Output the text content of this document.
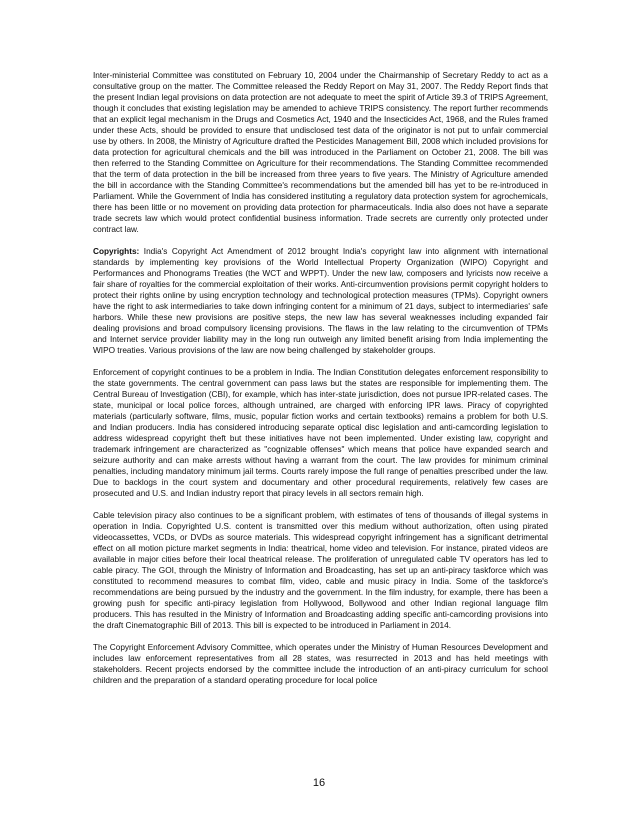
Inter-ministerial Committee was constituted on February 10, 2004 under the Chairmanship of Secretary Reddy to act as a consultative group on the matter. The Committee released the Reddy Report on May 31, 2007. The Reddy Report finds that the present Indian legal provisions on data protection are not adequate to meet the spirit of Article 39.3 of TRIPS Agreement, though it concludes that existing legislation may be amended to achieve TRIPS consistency. The report further recommends that an explicit legal mechanism in the Drugs and Cosmetics Act, 1940 and the Insecticides Act, 1968, and the Rules framed under these Acts, should be provided to ensure that undisclosed test data of the originator is not put to unfair commercial use by others. In 2008, the Ministry of Agriculture drafted the Pesticides Management Bill, 2008 which included provisions for data protection for agricultural chemicals and the bill was introduced in the Parliament on October 21, 2008. The bill was then referred to the Standing Committee on Agriculture for their recommendations. The Standing Committee recommended that the term of data protection in the bill be increased from three years to five years. The Ministry of Agriculture amended the bill in accordance with the Standing Committee's recommendations but the amended bill has yet to be re-introduced in Parliament. While the Government of India has considered instituting a regulatory data protection system for agrochemicals, there has been little or no movement on providing data protection for pharmaceuticals. India also does not have a separate trade secrets law which would protect confidential business information. Trade secrets are currently only protected under contract law.

Copyrights: India's Copyright Act Amendment of 2012 brought India's copyright law into alignment with international standards by implementing key provisions of the World Intellectual Property Organization (WIPO) Copyright and Performances and Phonograms Treaties (the WCT and WPPT). Under the new law, composers and lyricists now receive a fair share of royalties for the commercial exploitation of their works. Anti-circumvention provisions permit copyright holders to protect their rights online by using encryption technology and technological protection measures (TPMs). Copyright owners have the right to ask intermediaries to take down infringing content for a minimum of 21 days, subject to intermediaries' safe harbors. While these new provisions are positive steps, the new law has several weaknesses including expanded fair dealing provisions and broad compulsory licensing provisions. The flaws in the law relating to the circumvention of TPMs and Internet service provider liability may in the long run outweigh any limited benefit arising from India implementing the WIPO treaties. Various provisions of the law are now being challenged by stakeholder groups.

Enforcement of copyright continues to be a problem in India. The Indian Constitution delegates enforcement responsibility to the state governments. The central government can pass laws but the states are responsible for implementing them. The Central Bureau of Investigation (CBI), for example, which has inter-state jurisdiction, does not pursue IPR-related cases. The state, municipal or local police forces, although untrained, are charged with enforcing IPR laws. Piracy of copyrighted materials (particularly software, films, music, popular fiction works and certain textbooks) remains a problem for both U.S. and Indian producers. India has considered introducing separate optical disc legislation and anti-camcording legislation to address widespread copyright theft but these initiatives have not been implemented. Under existing law, copyright and trademark infringement are characterized as "cognizable offenses" which means that police have expanded search and seizure authority and can make arrests without having a warrant from the court. The law provides for minimum criminal penalties, including mandatory minimum jail terms. Courts rarely impose the full range of penalties prescribed under the law. Due to backlogs in the court system and documentary and other procedural requirements, relatively few cases are prosecuted and U.S. and Indian industry report that piracy levels in all sectors remain high.

Cable television piracy also continues to be a significant problem, with estimates of tens of thousands of illegal systems in operation in India. Copyrighted U.S. content is transmitted over this medium without authorization, often using pirated videocassettes, VCDs, or DVDs as source materials. This widespread copyright infringement has a significant detrimental effect on all motion picture market segments in India: theatrical, home video and television. For instance, pirated videos are available in major cities before their local theatrical release. The proliferation of unregulated cable TV operators has led to cable piracy. The GOI, through the Ministry of Information and Broadcasting, has set up an anti-piracy taskforce which was constituted to recommend measures to combat film, video, cable and music piracy in India. Some of the taskforce's recommendations are being pursued by the industry and the government. In the film industry, for example, there has been a growing push for specific anti-piracy legislation from Hollywood, Bollywood and other Indian regional language film producers. This has resulted in the Ministry of Information and Broadcasting adding specific anti-camcording provisions into the draft Cinematographic Bill of 2013. This bill is expected to be introduced in Parliament in 2014.

The Copyright Enforcement Advisory Committee, which operates under the Ministry of Human Resources Development and includes law enforcement representatives from all 28 states, was resurrected in 2013 and has held meetings with stakeholders. Recent projects endorsed by the committee include the introduction of an anti-piracy curriculum for school children and the preparation of a standard operating procedure for local police

16
